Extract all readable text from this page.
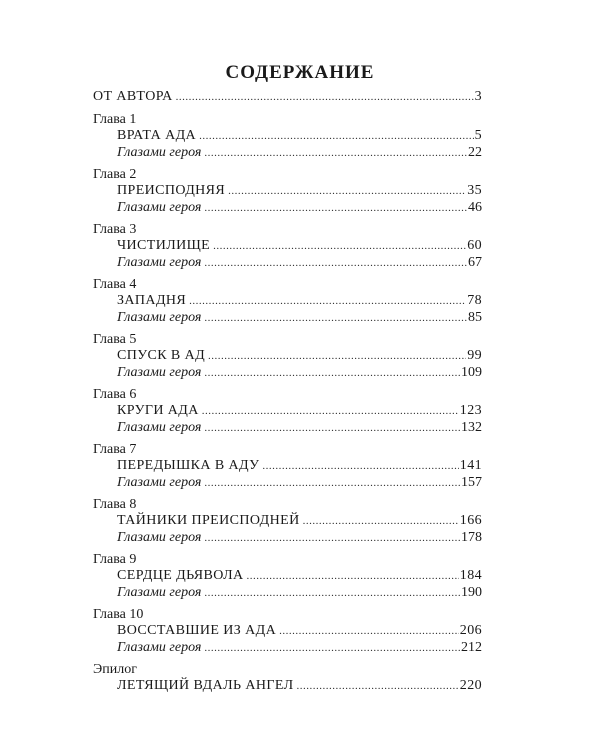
СОДЕРЖАНИЕ
ОТ АВТОРА .....	3
Глава 1
ВРАТА АДА .....	5
Глазами героя .....	22
Глава 2
ПРЕИСПОДНЯЯ .....	35
Глазами героя .....	46
Глава 3
ЧИСТИЛИЩЕ .....	60
Глазами героя .....	67
Глава 4
ЗАПАДНЯ .....	78
Глазами героя .....	85
Глава 5
СПУСК В АД .....	99
Глазами героя .....	109
Глава 6
КРУГИ АДА .....	123
Глазами героя .....	132
Глава 7
ПЕРЕДЫШКА В АДУ .....	141
Глазами героя .....	157
Глава 8
ТАЙНИКИ ПРЕИСПОДНЕЙ .....	166
Глазами героя .....	178
Глава 9
СЕРДЦЕ ДЬЯВОЛА .....	184
Глазами героя .....	190
Глава 10
ВОССТАВШИЕ ИЗ АДА .....	206
Глазами героя .....	212
Эпилог
ЛЕТЯЩИЙ ВДАЛЬ АНГЕЛ .....	220
